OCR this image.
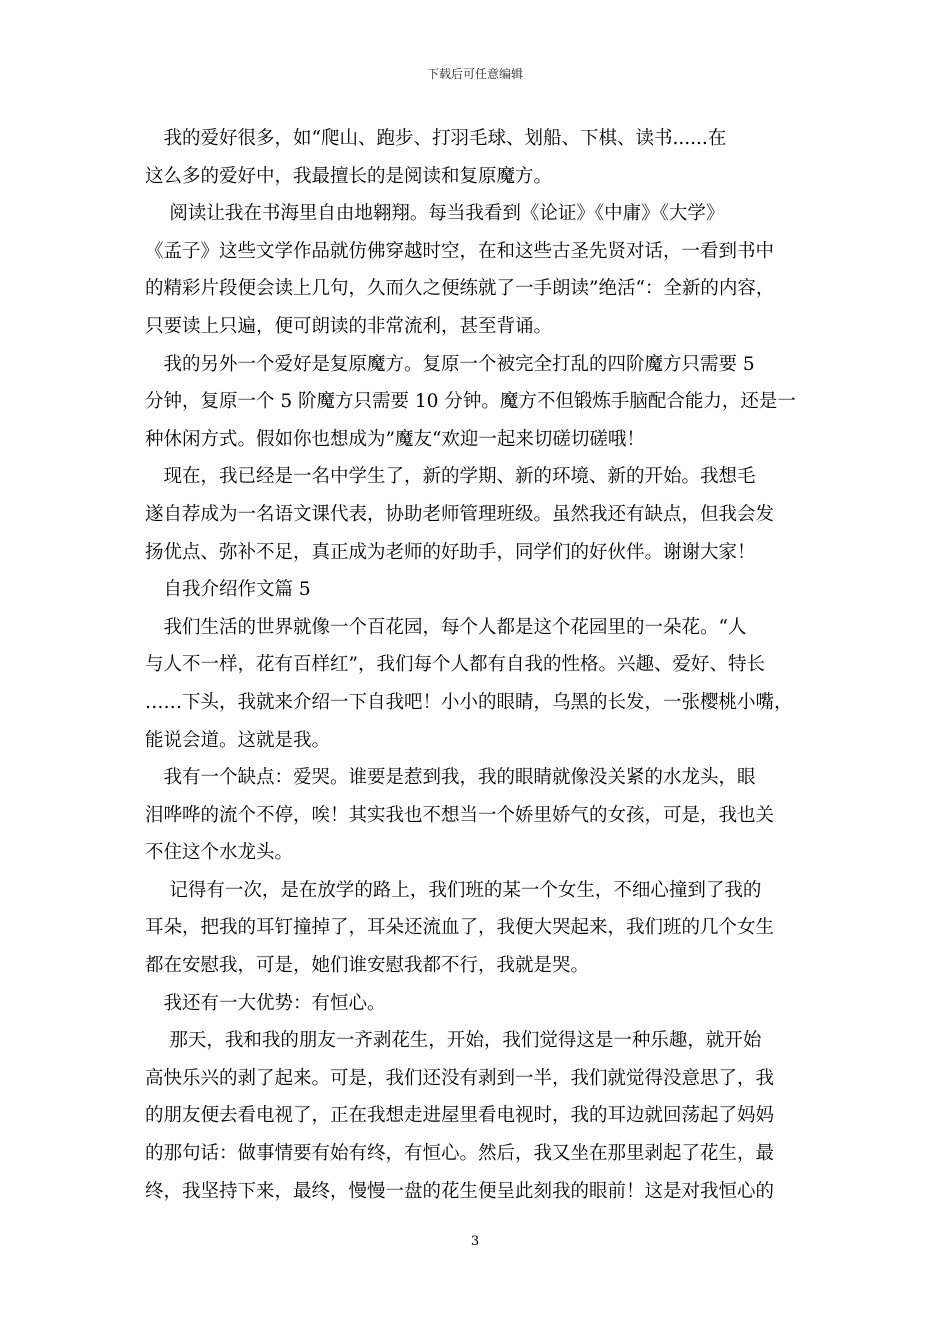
下载后可任意编辑
　我的爱好很多，如“爬山、跑步、打羽毛球、划船、下棋、读书......在
这么多的爱好中，我最擅长的是阅读和复原魔方。
　 阅读让我在书海里自由地翱翔。每当我看到《论证》《中庸》《大学》
《孟子》这些文学作品就仿佛穿越时空，在和这些古圣先贤对话，一看到书中
的精彩片段便会读上几句，久而久之便练就了一手朗读”绝活“：全新的内容，
只要读上只遍，便可朗读的非常流利，甚至背诵。
　我的另外一个爱好是复原魔方。复原一个被完全打乱的四阶魔方只需要 5
分钟，复原一个 5 阶魔方只需要 10 分钟。魔方不但锻炼手脑配合能力，还是一
种休闲方式。假如你也想成为”魔友“欢迎一起来切磋切磋哦！
　现在，我已经是一名中学生了，新的学期、新的环境、新的开始。我想毛
遂自荐成为一名语文课代表，协助老师管理班级。虽然我还有缺点，但我会发
扬优点、弥补不足，真正成为老师的好助手，同学们的好伙伴。谢谢大家！
　自我介绍作文篇 5
　我们生活的世界就像一个百花园，每个人都是这个花园里的一朵花。“人
与人不一样，花有百样红”，我们每个人都有自我的性格。兴趣、爱好、特长
……下头，我就来介绍一下自我吧！小小的眼睛，乌黑的长发，一张樱桃小嘴，
能说会道。这就是我。
　我有一个缺点：爱哭。谁要是惹到我，我的眼睛就像没关紧的水龙头，眼
泪哗哗的流个不停，唉！其实我也不想当一个娇里娇气的女孩，可是，我也关
不住这个水龙头。
　 记得有一次，是在放学的路上，我们班的某一个女生，不细心撞到了我的
耳朵，把我的耳钉撞掉了，耳朵还流血了，我便大哭起来，我们班的几个女生
都在安慰我，可是，她们谁安慰我都不行，我就是哭。
　我还有一大优势：有恒心。
　 那天，我和我的朋友一齐剥花生，开始，我们觉得这是一种乐趣，就开始
高快乐兴的剥了起来。可是，我们还没有剥到一半，我们就觉得没意思了，我
的朋友便去看电视了，正在我想走进屋里看电视时，我的耳边就回荡起了妈妈
的那句话：做事情要有始有终，有恒心。然后，我又坐在那里剥起了花生，最
终，我坚持下来，最终，慢慢一盘的花生便呈此刻我的眼前！这是对我恒心的
3
